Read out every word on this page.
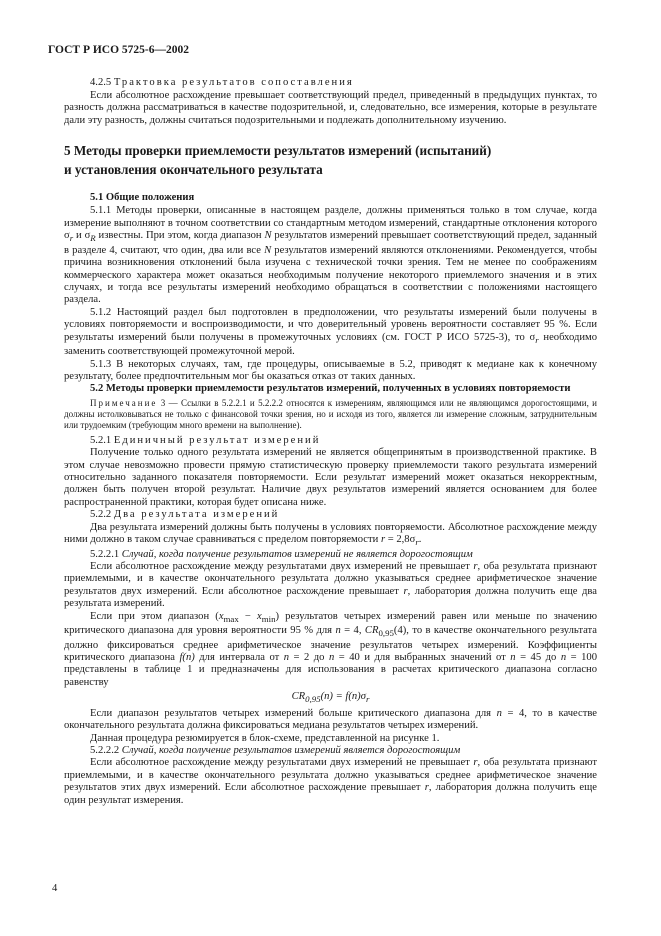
ГОСТ Р ИСО 5725-6—2002

4.2.5 Трактовка результатов сопоставления

Если абсолютное расхождение превышает соответствующий предел, приведенный в предыдущих пунктах, то разность должна рассматриваться в качестве подозрительной, и, следовательно, все измерения, которые в результате дали эту разность, должны считаться подозрительными и подлежать дополнительному изучению.

5 Методы проверки приемлемости результатов измерений (испытаний)
и установления окончательного результата
5.1 Общие положения

5.1.1 Методы проверки, описанные в настоящем разделе, должны применяться только в том случае, когда измерение выполняют в точном соответствии со стандартным методом измерений, стандартные отклонения которого $\sigma_r$ и $\sigma_R$ известны. При этом, когда диапазон N результатов измерений превышает соответствующий предел, заданный в разделе 4, считают, что один, два или все N результатов измерений являются отклонениями. Рекомендуется, чтобы причина возникновения отклонений была изучена с технической точки зрения. Тем не менее по соображениям коммерческого характера может оказаться необходимым получение некоторого приемлемого значения и в этих случаях, и тогда все результаты измерений необходимо обращаться в соответствии с положениями настоящего раздела.

5.1.2 Настоящий раздел был подготовлен в предположении, что результаты измерений были получены в условиях повторяемости и воспроизводимости, и что доверительный уровень вероятности составляет 95 %. Если результаты измерений были получены в промежуточных условиях (см. ГОСТ Р ИСО 5725-3), то $\sigma_r$ необходимо заменить соответствующей промежуточной мерой.

5.1.3 В некоторых случаях, там, где процедуры, описываемые в 5.2, приводят к медиане как к конечному результату, более предпочтительным мог бы оказаться отказ от таких данных.

5.2 Методы проверки приемлемости результатов измерений, полученных в условиях повторяемости

Примечание 3 — Ссылки в 5.2.2.1 и 5.2.2.2 относятся к измерениям, являющимся или не являющимся дорогостоящими, и должны истолковываться не только с финансовой точки зрения, но и исходя из того, является ли измерение сложным, затруднительным или трудоемким (требующим много времени на выполнение).

5.2.1 Единичный результат измерений

Получение только одного результата измерений не является общепринятым в производственной практике. В этом случае невозможно провести прямую статистическую проверку приемлемости такого результата измерений относительно заданного показателя повторяемости. Если результат измерений может оказаться некорректным, должен быть получен второй результат. Наличие двух результатов измерений является основанием для более распространенной практики, которая будет описана ниже.

5.2.2 Два результата измерений

Два результата измерений должны быть получены в условиях повторяемости. Абсолютное расхождение между ними должно в таком случае сравниваться с пределом повторяемости $r = 2,8\sigma_r$.

5.2.2.1 Случай, когда получение результатов измерений не является дорогостоящим

Если абсолютное расхождение между результатами двух измерений не превышает r, оба результата признают приемлемыми, и в качестве окончательного результата должно указываться среднее арифметическое значение результатов двух измерений. Если абсолютное расхождение превышает r, лаборатория должна получить еще два результата измерений.

Если при этом диапазон $(x_{max} - x_{min})$ результатов четырех измерений равен или меньше по значению критического диапазона для уровня вероятности 95 % для n = 4, $CR_{0,95}(4)$, то в качестве окончательного результата должно фиксироваться среднее арифметическое значение результатов четырех измерений. Коэффициенты критического диапазона f(n) для интервала от n = 2 до n = 40 и для выбранных значений от n = 45 до n = 100 представлены в таблице 1 и предназначены для использования в расчетах критического диапазона согласно равенству

$CR_{0,95}(n) = f(n)\sigma_r$

Если диапазон результатов четырех измерений больше критического диапазона для n = 4, то в качестве окончательного результата должна фиксироваться медиана результатов четырех измерений.

Данная процедура резюмируется в блок-схеме, представленной на рисунке 1.

5.2.2.2 Случай, когда получение результатов измерений является дорогостоящим

Если абсолютное расхождение между результатами двух измерений не превышает r, оба результата признают приемлемыми, и в качестве окончательного результата должно указываться среднее арифметическое значение результатов этих двух измерений. Если абсолютное расхождение превышает r, лаборатория должна получить еще один результат измерения.

4
